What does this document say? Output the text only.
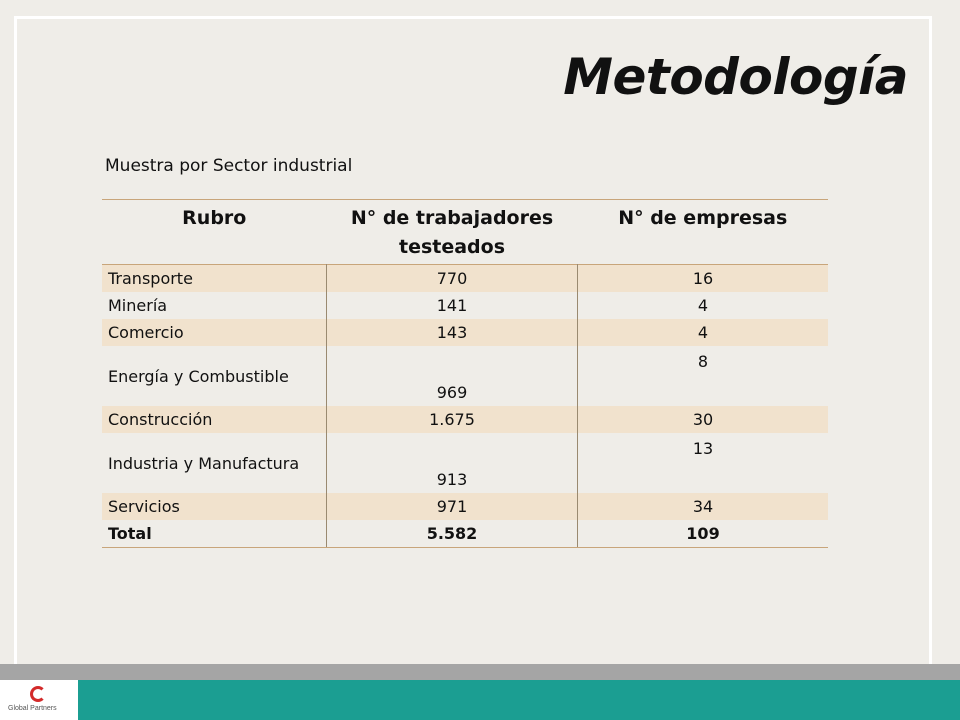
Metodología
Muestra por Sector industrial
Rubro	N° de trabajadores testeados	N° de empresas
Transporte	770	16
Minería	141	4
Comercio	143	4
Energía y Combustible	969	8
Construcción	1.675	30
Industria y Manufactura	913	13
Servicios	971	34
Total	5.582	109
Global Partners
